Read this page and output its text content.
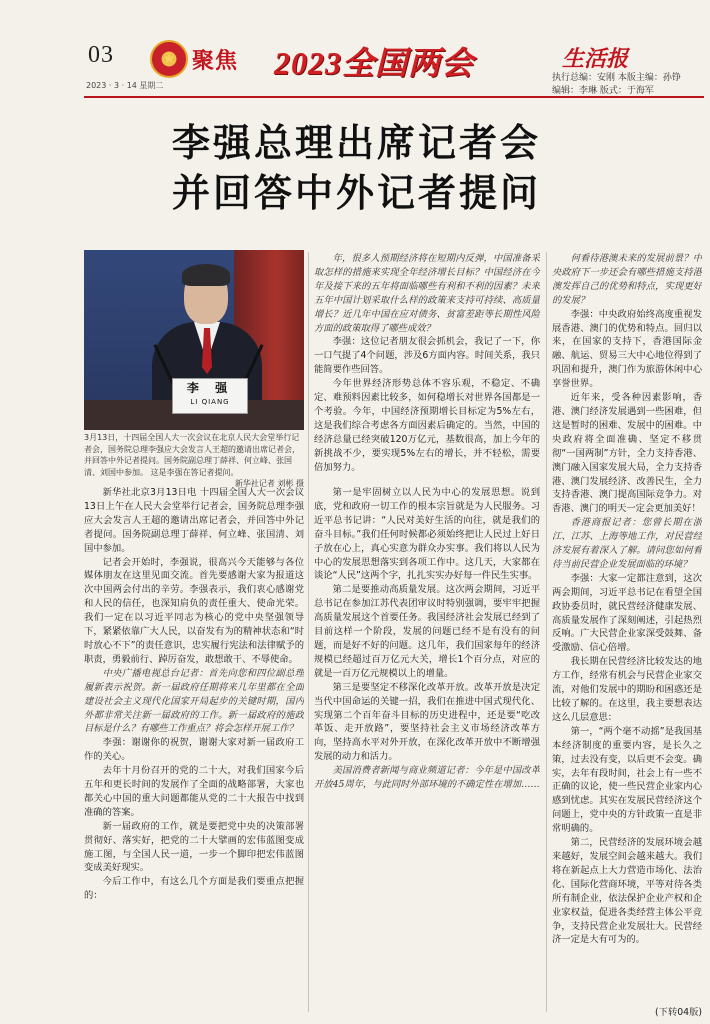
03
2023 · 3 · 14 星期二
★ 聚焦 2023全国两会	生活报
执行总编：安刚 本版主编：孙铮
编辑：李琳 版式：于海军
李强总理出席记者会
并回答中外记者提问
李 强
LI QIANG

3月13日，十四届全国人大一次会议在北京人民大会堂举行记者会，国务院总理李强应大会发言人王超的邀请出席记者会，并回答中外记者提问。国务院副总理丁薛祥、何立峰、张国清、刘国中参加。 这是李强在答记者提问。

新华社记者 刘彬 摄

新华社北京3月13日电 十四届全国人大一次会议13日上午在人民大会堂举行记者会，国务院总理李强应大会发言人王超的邀请出席记者会，并回答中外记者提问。国务院副总理丁薛祥、何立峰、张国清、刘国中参加。

记者会开始时，李强说，很高兴今天能够与各位媒体朋友在这里见面交流。首先要感谢大家为报道这次中国两会付出的辛劳。李强表示，我们衷心感谢党和人民的信任，也深知肩负的责任重大、使命光荣。我们一定在以习近平同志为核心的党中央坚强领导下，紧紧依靠广大人民，以奋发有为的精神状态和“时时放心不下”的责任意识，忠实履行宪法和法律赋予的职责，勇毅前行、踔厉奋发，敢想敢干、不辱使命。

中央广播电视总台记者：首先向您和四位副总理履新表示祝贺。新一届政府任期将来几年里都在全面建设社会主义现代化国家开局起步的关键时期，国内外都非常关注新一届政府的工作。新一届政府的施政目标是什么？有哪些工作重点？将会怎样开展工作？

李强：谢谢你的祝贺，谢谢大家对新一届政府工作的关心。

去年十月份召开的党的二十大，对我们国家今后五年和更长时间的发展作了全面的战略部署，大家也都关心中国的重大问题都能从党的二十大报告中找到准确的答案。

新一届政府的工作，就是要把党中央的决策部署贯彻好、落实好，把党的二十大擘画的宏伟蓝图变成施工图，与全国人民一道，一步一个脚印把宏伟蓝图变成美好现实。

今后工作中，有这么几个方面是我们要重点把握的：

年，很多人预期经济将在短期内反弹，中国准备采取怎样的措施来实现全年经济增长目标？中国经济在今年及接下来的五年将面临哪些有利和不利的因素？未来五年中国计划采取什么样的政策来支持可持续、高质量增长？近几年中国在应对债务、贫富差距等长期性风险方面的政策取得了哪些成效？

李强：这位记者朋友很会抓机会，我记了一下，你一口气提了4个问题，涉及6方面内容。时间关系，我只能简要作些回答。

今年世界经济形势总体不容乐观，不稳定、不确定、难预料因素比较多，如何稳增长对世界各国都是一个考验。今年，中国经济预期增长目标定为5%左右，这是我们综合考虑各方面因素后确定的。当然，中国的经济总量已经突破120万亿元，基数很高，加上今年的新挑战不少，要实现5%左右的增长，并不轻松，需要倍加努力。

第一是牢固树立以人民为中心的发展思想。说到底，党和政府一切工作的根本宗旨就是为人民服务。习近平总书记讲：“人民对美好生活的向往，就是我们的奋斗目标。”我们任何时候都必须始终把让人民过上好日子放在心上，真心实意为群众办实事。我们将以人民为中心的发展思想落实到各项工作中。这几天，大家都在谈论“人民”这两个字，扎扎实实办好每一件民生实事。

第二是要推动高质量发展。这次两会期间，习近平总书记在参加江苏代表团审议时特别强调，要牢牢把握高质量发展这个首要任务。我国经济社会发展已经到了目前这样一个阶段，发展的问题已经不是有没有的问题，而是好不好的问题。这几年，我们国家每年的经济规模已经超过百万亿元大关，增长1个百分点，对应的就是一百万亿元规模以上的增量。

第三是要坚定不移深化改革开放。改革开放是决定当代中国命运的关键一招，我们在推进中国式现代化、实现第二个百年奋斗目标的历史进程中，还是要“吃改革饭、走开放路”，要坚持社会主义市场经济改革方向，坚持高水平对外开放，在深化改革开放中不断增强发展的动力和活力。

美国消费者新闻与商业频道记者：今年是中国改革开放45周年，与此同时外部环境的不确定性在增加……

何看待港澳未来的发展前景？中央政府下一步还会有哪些措施支持港澳发挥自己的优势和特点，实现更好的发展？

李强：中央政府始终高度重视发展香港、澳门的优势和特点。回归以来，在国家的支持下，香港国际金融、航运、贸易三大中心地位得到了巩固和提升，澳门作为旅游休闲中心享誉世界。

近年来，受各种因素影响，香港、澳门经济发展遇到一些困难，但这是暂时的困难、发展中的困难。中央政府将全面准确、坚定不移贯彻“一国两制”方针，全力支持香港、澳门融入国家发展大局，全力支持香港、澳门发展经济、改善民生，全力支持香港、澳门提高国际竞争力。对香港、澳门的明天一定会更加美好！

香港商报记者：您曾长期在浙江、江苏、上海等地工作，对民营经济发展有着深入了解。请问您如何看待当前民营企业发展面临的环境？

李强：大家一定都注意到，这次两会期间，习近平总书记在看望全国政协委员时，就民营经济健康发展、高质量发展作了深刻阐述，引起热烈反响。广大民营企业家深受鼓舞、备受激励、信心倍增。

我长期在民营经济比较发达的地方工作，经常有机会与民营企业家交流，对他们发展中的期盼和困惑还是比较了解的。在这里，我主要想表达这么几层意思：

第一，“两个毫不动摇”是我国基本经济制度的重要内容，是长久之策，过去没有变，以后更不会变。确实，去年有段时间，社会上有一些不正确的议论，使一些民营企业家内心感到忧虑。其实在发展民营经济这个问题上，党中央的方针政策一直是非常明确的。

第二，民营经济的发展环境会越来越好，发展空间会越来越大。我们将在新起点上大力营造市场化、法治化、国际化营商环境，平等对待各类所有制企业，依法保护企业产权和企业家权益，促进各类经营主体公平竞争，支持民营企业发展壮大。民营经济一定是大有可为的。

(下转04版)
